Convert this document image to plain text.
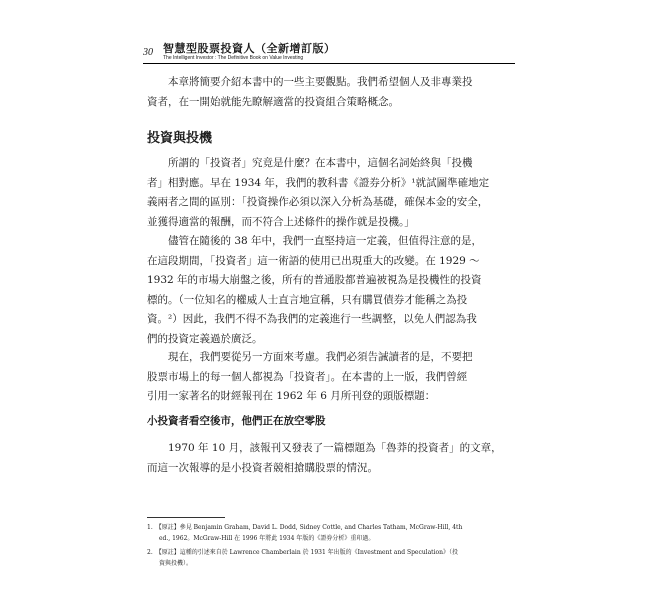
30 智慧型股票投資人（全新增訂版）
The Intelligent Investor : The Definitive Book on Value Investing
本章將簡要介紹本書中的一些主要觀點。我們希望個人及非專業投
資者，在一開始就能先瞭解適當的投資組合策略概念。
投資與投機
所謂的「投資者」究竟是什麼？在本書中，這個名詞始終與「投機
者」相對應。早在 1934 年，我們的教科書《證券分析》¹就試圖準確地定
義兩者之間的區別：「投資操作必須以深入分析為基礎，確保本金的安全，
並獲得適當的報酬，而不符合上述條件的操作就是投機。」
儘管在隨後的 38 年中，我們一直堅持這一定義，但值得注意的是，
在這段期間，「投資者」這一術語的使用已出現重大的改變。在 1929 ～
1932 年的市場大崩盤之後，所有的普通股都普遍被視為是投機性的投資
標的。（一位知名的權威人士直言地宣稱，只有購買債券才能稱之為投
資。²）因此，我們不得不為我們的定義進行一些調整，以免人們認為我
們的投資定義過於廣泛。
現在，我們要從另一方面來考慮。我們必須告誡讀者的是，不要把
股票市場上的每一個人都視為「投資者」。在本書的上一版，我們曾經
引用一家著名的財經報刊在 1962 年 6 月所刊登的頭版標題：
小投資者看空後市，他們正在放空零股
1970 年 10 月，該報刊又發表了一篇標題為「魯莽的投資者」的文章，
而這一次報導的是小投資者競相搶購股票的情況。
1.　【原註】參見 Benjamin Graham, David L. Dodd, Sidney Cottle, and Charles Tatham, McGraw-Hill, 4th
　　ed., 1962。McGraw-Hill 在 1996 年將此 1934 年版的《證券分析》重印過。
2.　【原註】這種的引述來自於 Lawrence Chamberlain 於 1931 年出版的《Investment and Speculation》（投
　　資與投機）。
